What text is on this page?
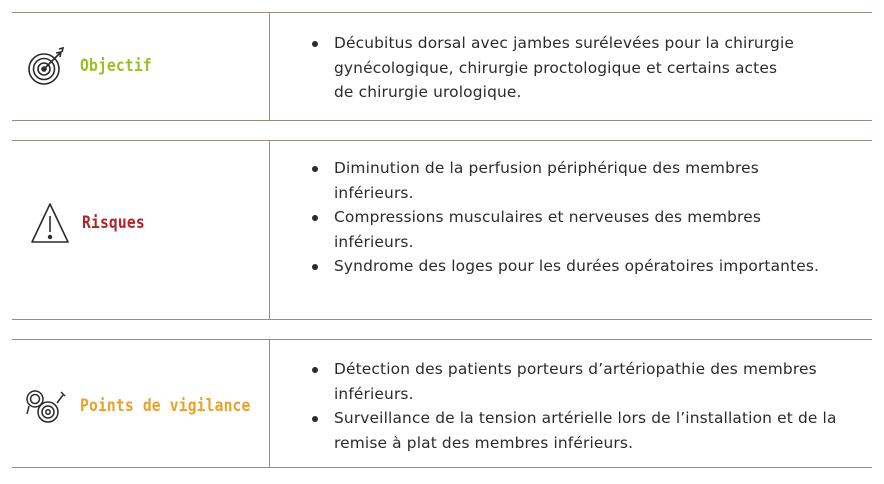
Objectif
Décubitus dorsal avec jambes surélevées pour la chirurgie gynécologique, chirurgie proctologique et certains actes de chirurgie urologique.
Risques
Diminution de la perfusion périphérique des membres inférieurs.
Compressions musculaires et nerveuses des membres inférieurs.
Syndrome des loges pour les durées opératoires importantes.
Points de vigilance
Détection des patients porteurs d’artériopathie des membres inférieurs.
Surveillance de la tension artérielle lors de l’installation et de la remise à plat des membres inférieurs.
